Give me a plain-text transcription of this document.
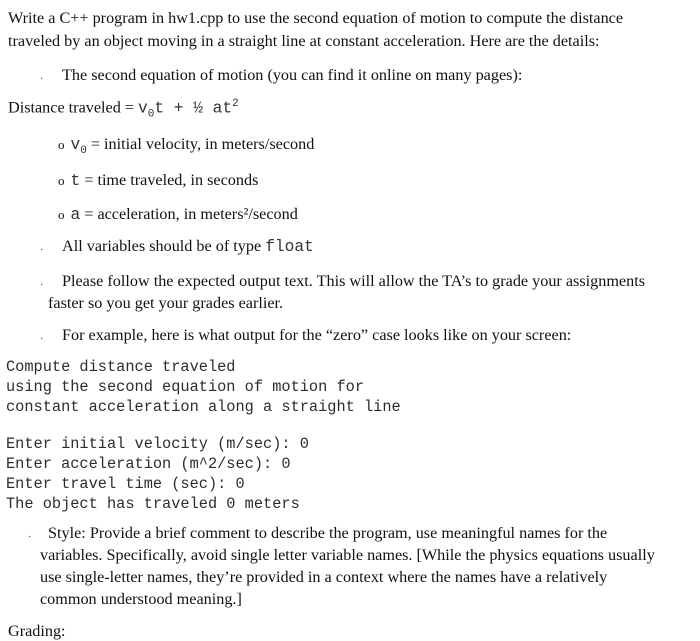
Write a C++ program in hw1.cpp to use the second equation of motion to compute the distance
traveled by an object moving in a straight line at constant acceleration. Here are the details:
· The second equation of motion (you can find it online on many pages):
Distance traveled = $v_0t$ + ½ $at^2$
o $v_0$ = initial velocity, in meters/second
o t = time traveled, in seconds
o a = acceleration, in meters²/second
· All variables should be of type float
· Please follow the expected output text. This will allow the TA’s to grade your assignments
faster so you get your grades earlier.
· For example, here is what output for the “zero” case looks like on your screen:
Compute distance traveled
using the second equation of motion for
constant acceleration along a straight line
Enter initial velocity (m/sec): 0
Enter acceleration (m^2/sec): 0
Enter travel time (sec): 0
The object has traveled 0 meters
· Style: Provide a brief comment to describe the program, use meaningful names for the
variables. Specifically, avoid single letter variable names. [While the physics equations usually
use single-letter names, they’re provided in a context where the names have a relatively
common understood meaning.]
Grading:
